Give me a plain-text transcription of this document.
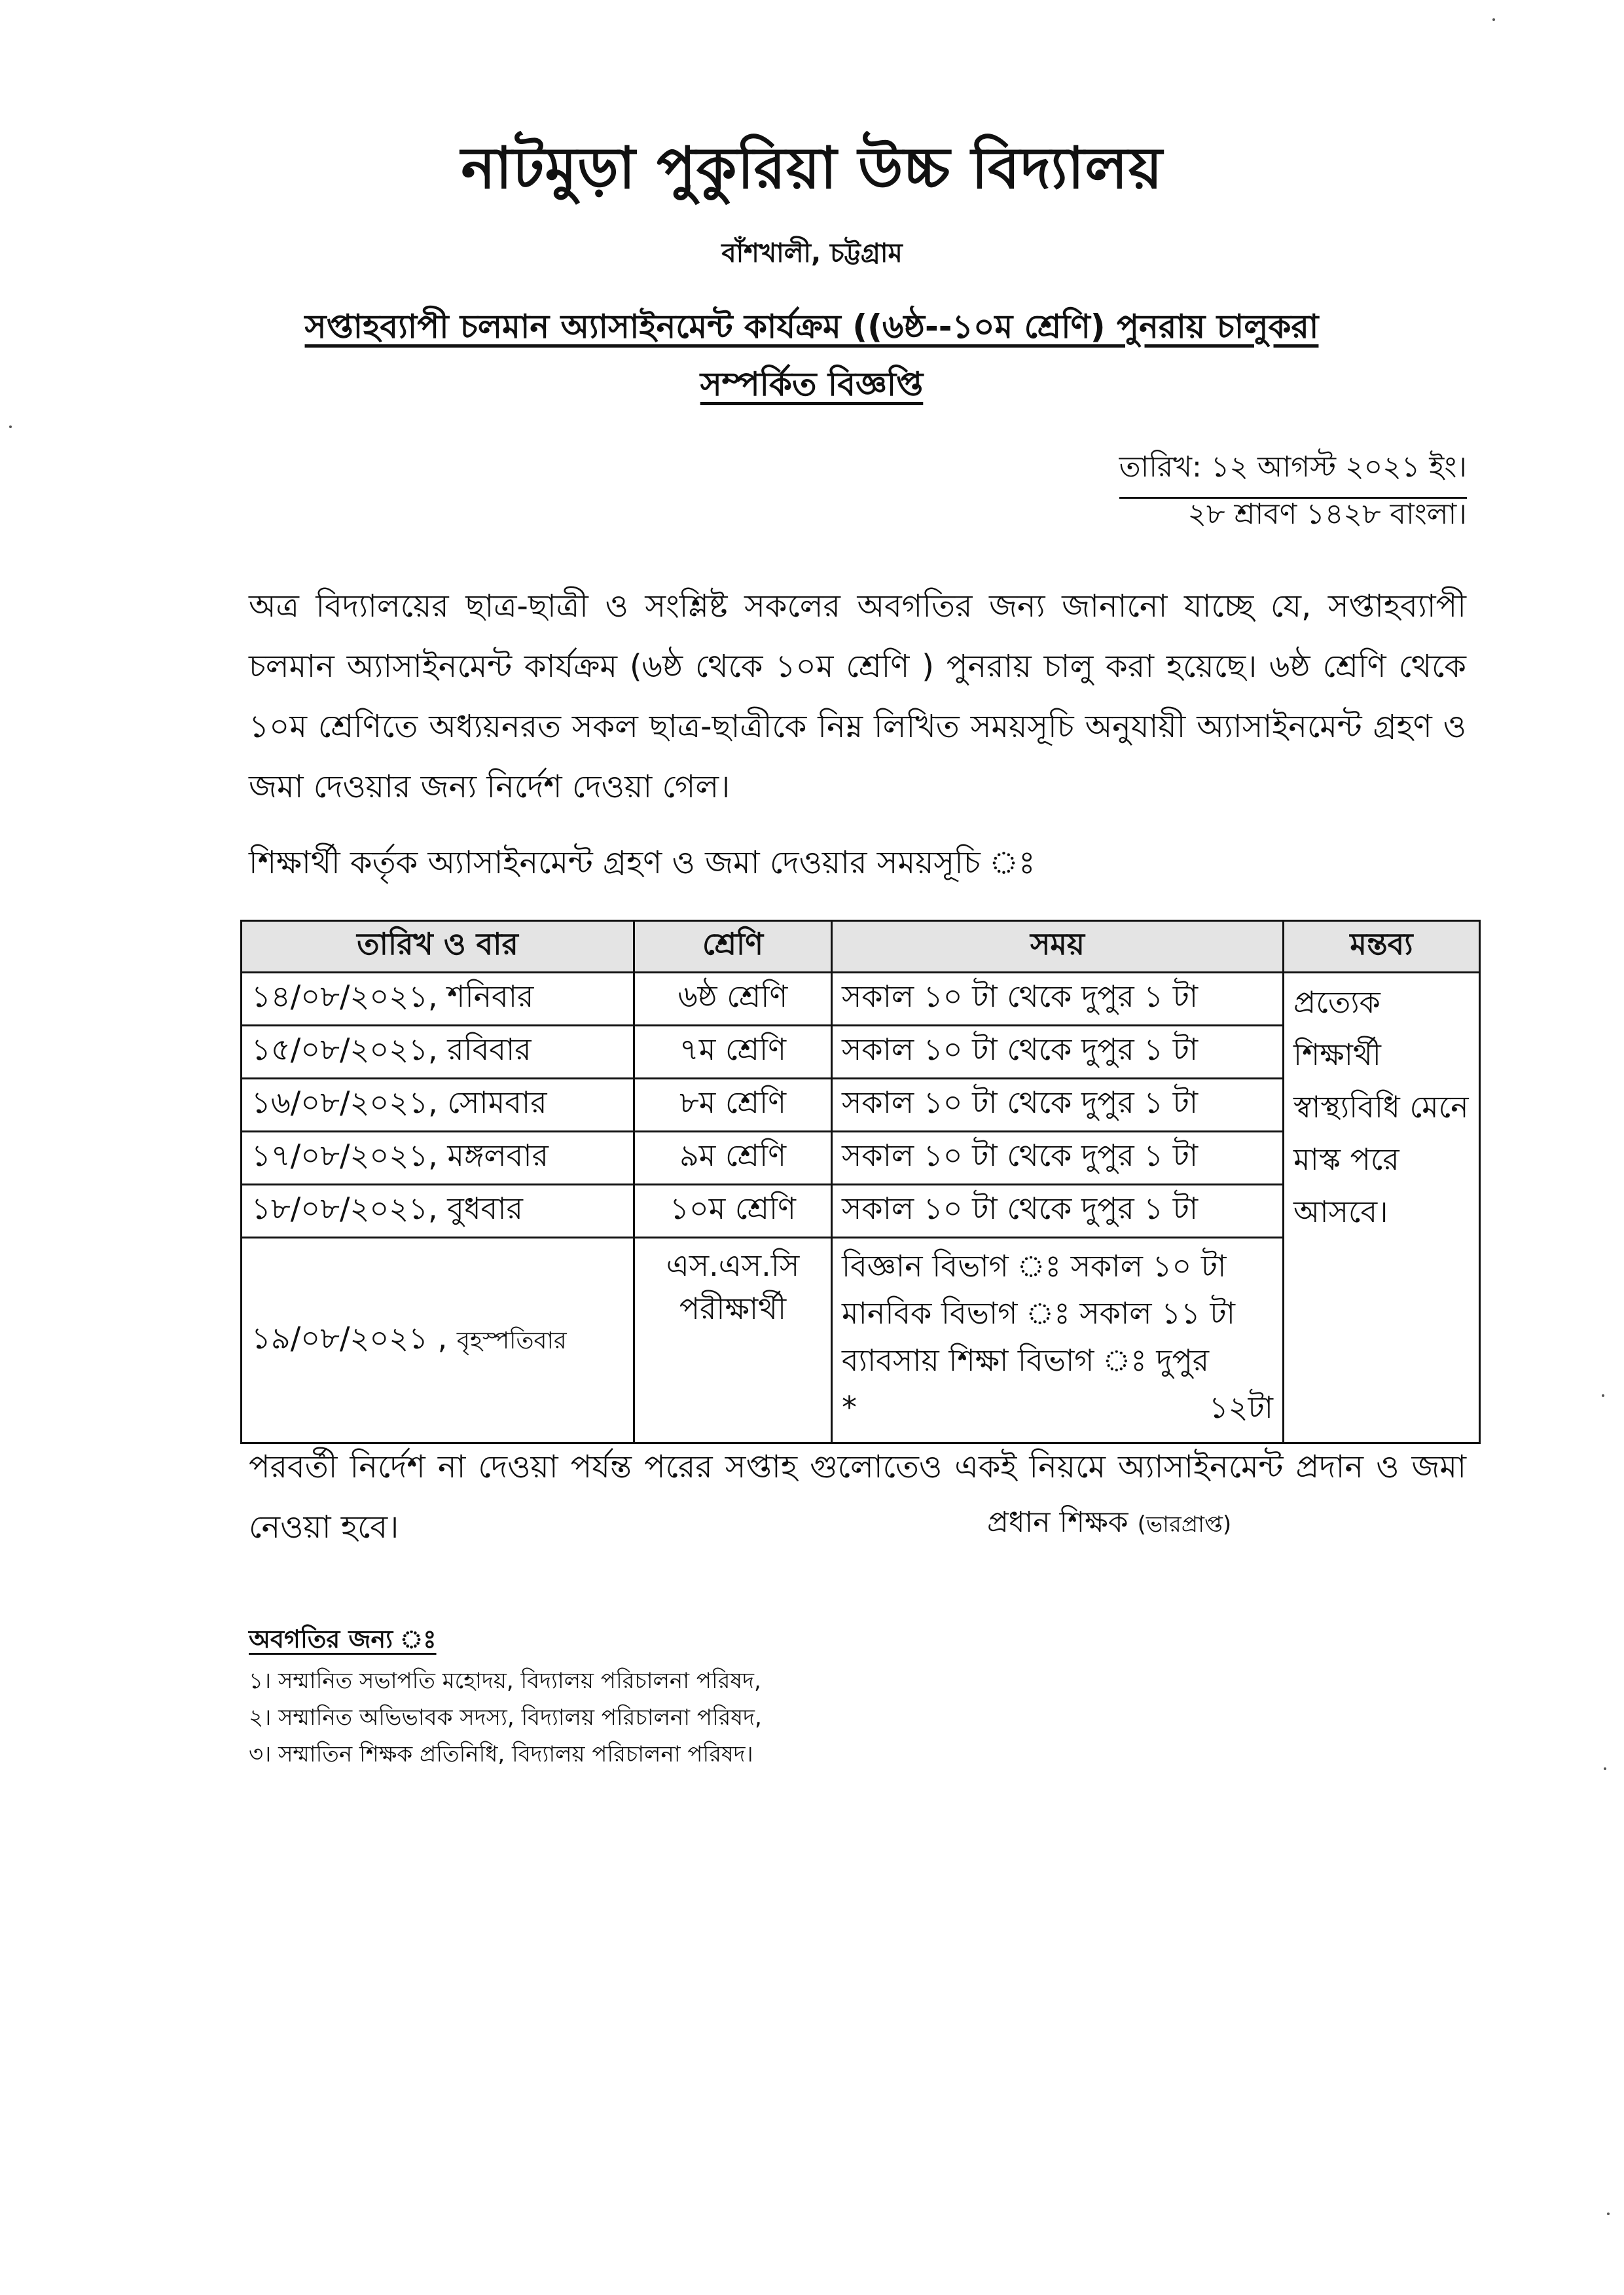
নাটমুড়া পুকুরিয়া উচ্চ বিদ্যালয়
বাঁশখালী, চট্টগ্রাম
সপ্তাহব্যাপী চলমান অ্যাসাইনমেন্ট কার্যক্রম ((৬ষ্ঠ--১০ম শ্রেণি) পুনরায় চালুকরা সম্পর্কিত বিজ্ঞপ্তি
তারিখ: ১২ আগস্ট ২০২১ ইং।
২৮ শ্রাবণ ১৪২৮ বাংলা।
অত্র বিদ্যালয়ের ছাত্র-ছাত্রী ও সংশ্লিষ্ট সকলের অবগতির জন্য জানানো যাচ্ছে যে, সপ্তাহব্যাপী চলমান অ্যাসাইনমেন্ট কার্যক্রম (৬ষ্ঠ থেকে ১০ম শ্রেণি ) পুনরায় চালু করা হয়েছে। ৬ষ্ঠ শ্রেণি থেকে ১০ম শ্রেণিতে অধ্যয়নরত সকল ছাত্র-ছাত্রীকে নিম্ন লিখিত সময়সূচি অনুযায়ী অ্যাসাইনমেন্ট গ্রহণ ও জমা দেওয়ার জন্য নির্দেশ দেওয়া গেল।
শিক্ষার্থী কর্তৃক অ্যাসাইনমেন্ট গ্রহণ ও জমা দেওয়ার সময়সূচি ঃ
তারিখ ও বার	শ্রেণি	সময়	মন্তব্য
১৪/০৮/২০২১, শনিবার	৬ষ্ঠ শ্রেণি	সকাল ১০ টা থেকে দুপুর ১ টা	প্রত্যেক শিক্ষার্থী স্বাস্থ্যবিধি মেনে মাস্ক পরে আসবে।
১৫/০৮/২০২১, রবিবার	৭ম শ্রেণি	সকাল ১০ টা থেকে দুপুর ১ টা	
১৬/০৮/২০২১, সোমবার	৮ম শ্রেণি	সকাল ১০ টা থেকে দুপুর ১ টা	
১৭/০৮/২০২১, মঙ্গলবার	৯ম শ্রেণি	সকাল ১০ টা থেকে দুপুর ১ টা	
১৮/০৮/২০২১, বুধবার	১০ম শ্রেণি	সকাল ১০ টা থেকে দুপুর ১ টা	
১৯/০৮/২০২১ , বৃহস্পতিবার	এস.এস.সি
পরীক্ষার্থী	বিজ্ঞান বিভাগ ঃ সকাল ১০ টা
মানবিক বিভাগ ঃ সকাল ১১ টা
ব্যাবসায় শিক্ষা বিভাগ ঃ দুপুর
* ১২টা	
পরবর্তী নির্দেশ না দেওয়া পর্যন্ত পরের সপ্তাহ গুলোতেও একই নিয়মে অ্যাসাইনমেন্ট প্রদান ও জমা নেওয়া হবে।	প্রধান শিক্ষক (ভারপ্রাপ্ত)
অবগতির জন্য ঃ
১। সম্মানিত সভাপতি মহোদয়, বিদ্যালয় পরিচালনা পরিষদ,
২। সম্মানিত অভিভাবক সদস্য, বিদ্যালয় পরিচালনা পরিষদ,
৩। সম্মাতিন শিক্ষক প্রতিনিধি, বিদ্যালয় পরিচালনা পরিষদ।
